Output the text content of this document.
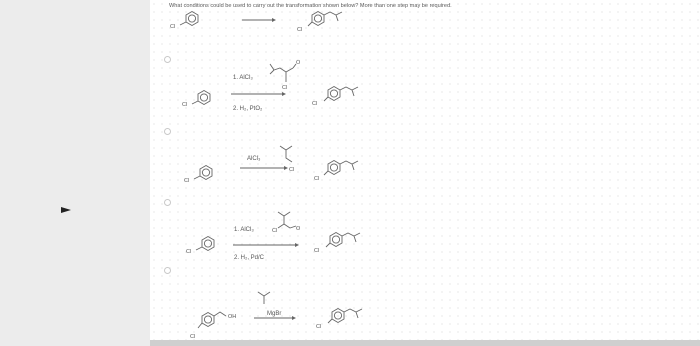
What conditions could be used to carry out the transformation shown below? More than one step may be required.
1. AlCl₃
2. H₂, PtO₂
AlCl₃
1. AlCl₃
2. H₂, Pd/C
MgBr
Cl	Cl
Cl
O
Cl
Cl
Cl
Cl
Cl
Cl
Cl	O
Cl
OH
Cl
Cl
